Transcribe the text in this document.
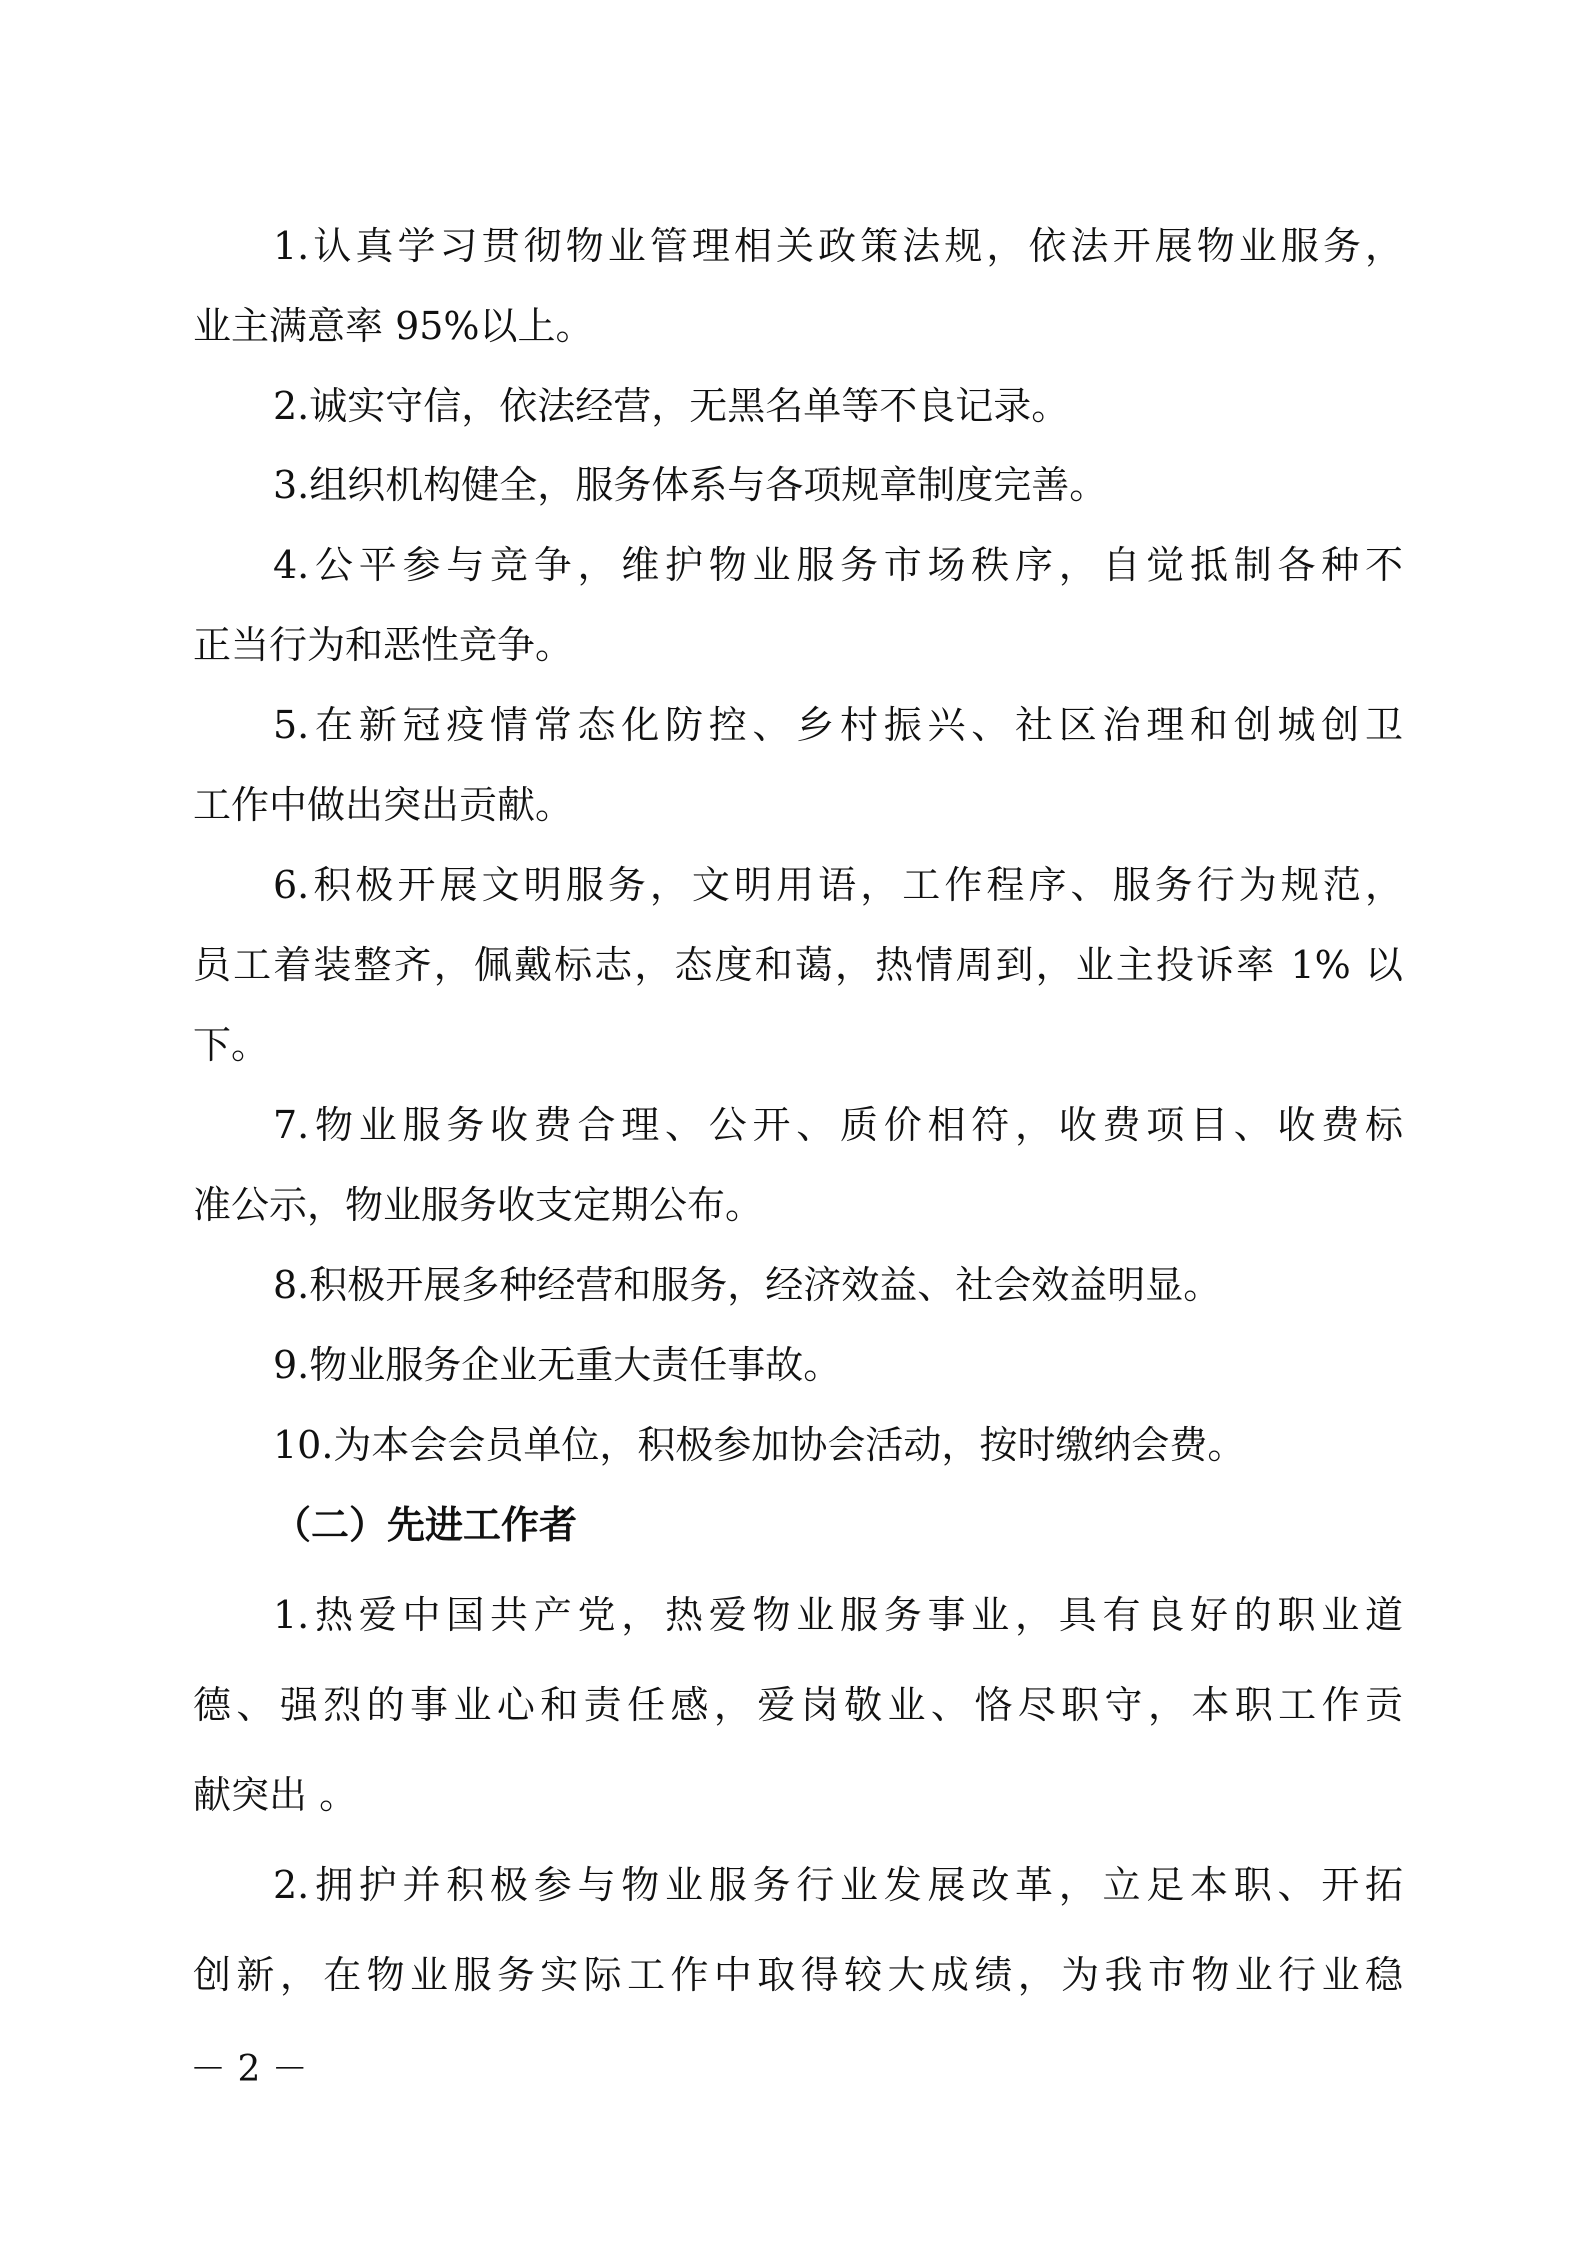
1.认真学习贯彻物业管理相关政策法规，依法开展物业服务，
业主满意率 95%以上。
2.诚实守信，依法经营，无黑名单等不良记录。
3.组织机构健全，服务体系与各项规章制度完善。
4.公平参与竞争，维护物业服务市场秩序，自觉抵制各种不
正当行为和恶性竞争。
5.在新冠疫情常态化防控、乡村振兴、社区治理和创城创卫
工作中做出突出贡献。
6.积极开展文明服务，文明用语，工作程序、服务行为规范，
员工着装整齐，佩戴标志，态度和蔼，热情周到，业主投诉率 1% 以
下。
7.物业服务收费合理、公开、质价相符，收费项目、收费标
准公示，物业服务收支定期公布。
8.积极开展多种经营和服务，经济效益、社会效益明显。
9.物业服务企业无重大责任事故。
10.为本会会员单位，积极参加协会活动，按时缴纳会费。
（二）先进工作者
1.热爱中国共产党，热爱物业服务事业，具有良好的职业道
德、强烈的事业心和责任感，爱岗敬业、恪尽职守，本职工作贡
献突出 。
2.拥护并积极参与物业服务行业发展改革，立足本职、开拓
创新，在物业服务实际工作中取得较大成绩，为我市物业行业稳
－ 2 －
